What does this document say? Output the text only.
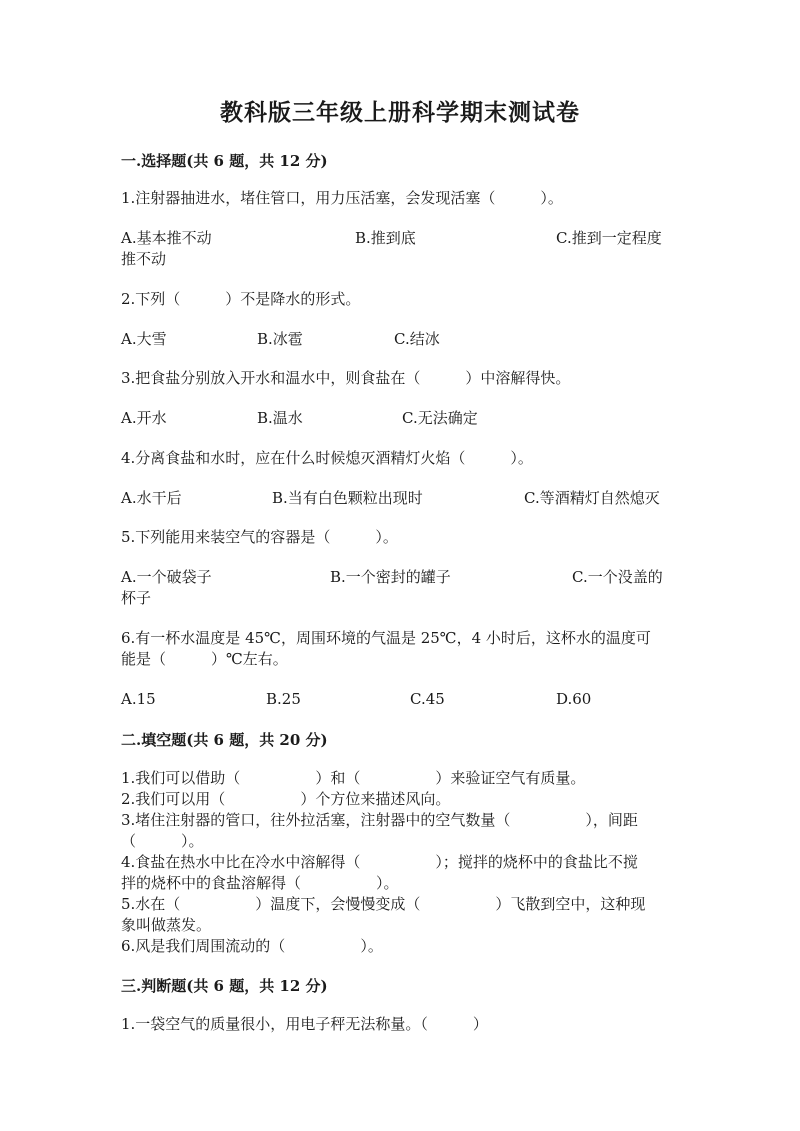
教科版三年级上册科学期末测试卷
一.选择题(共 6 题，共 12 分)
1.注射器抽进水，堵住管口，用力压活塞，会发现活塞（　　　）。
A.基本推不动	B.推到底	C.推到一定程度
推不动
2.下列（　　　）不是降水的形式。
A.大雪	B.冰雹	C.结冰
3.把食盐分别放入开水和温水中，则食盐在（　　　）中溶解得快。
A.开水	B.温水	C.无法确定
4.分离食盐和水时，应在什么时候熄灭酒精灯火焰（　　　）。
A.水干后	B.当有白色颗粒出现时	C.等酒精灯自然熄灭
5.下列能用来装空气的容器是（　　　）。
A.一个破袋子	B.一个密封的罐子	C.一个没盖的
杯子
6.有一杯水温度是 45℃，周围环境的气温是 25℃，4 小时后，这杯水的温度可
能是（　　　）℃左右。
A.15	B.25	C.45	D.60
二.填空题(共 6 题，共 20 分)
1.我们可以借助（　　　　　）和（　　　　　）来验证空气有质量。
2.我们可以用（　　　　　）个方位来描述风向。
3.堵住注射器的管口，往外拉活塞，注射器中的空气数量（　　　　　），间距
（　　　）。
4.食盐在热水中比在冷水中溶解得（　　　　　）；搅拌的烧杯中的食盐比不搅
拌的烧杯中的食盐溶解得（　　　　　）。
5.水在（　　　　　）温度下，会慢慢变成（　　　　　）飞散到空中，这种现
象叫做蒸发。
6.风是我们周围流动的（　　　　　）。
三.判断题(共 6 题，共 12 分)
1.一袋空气的质量很小，用电子秤无法称量。（　　　）
